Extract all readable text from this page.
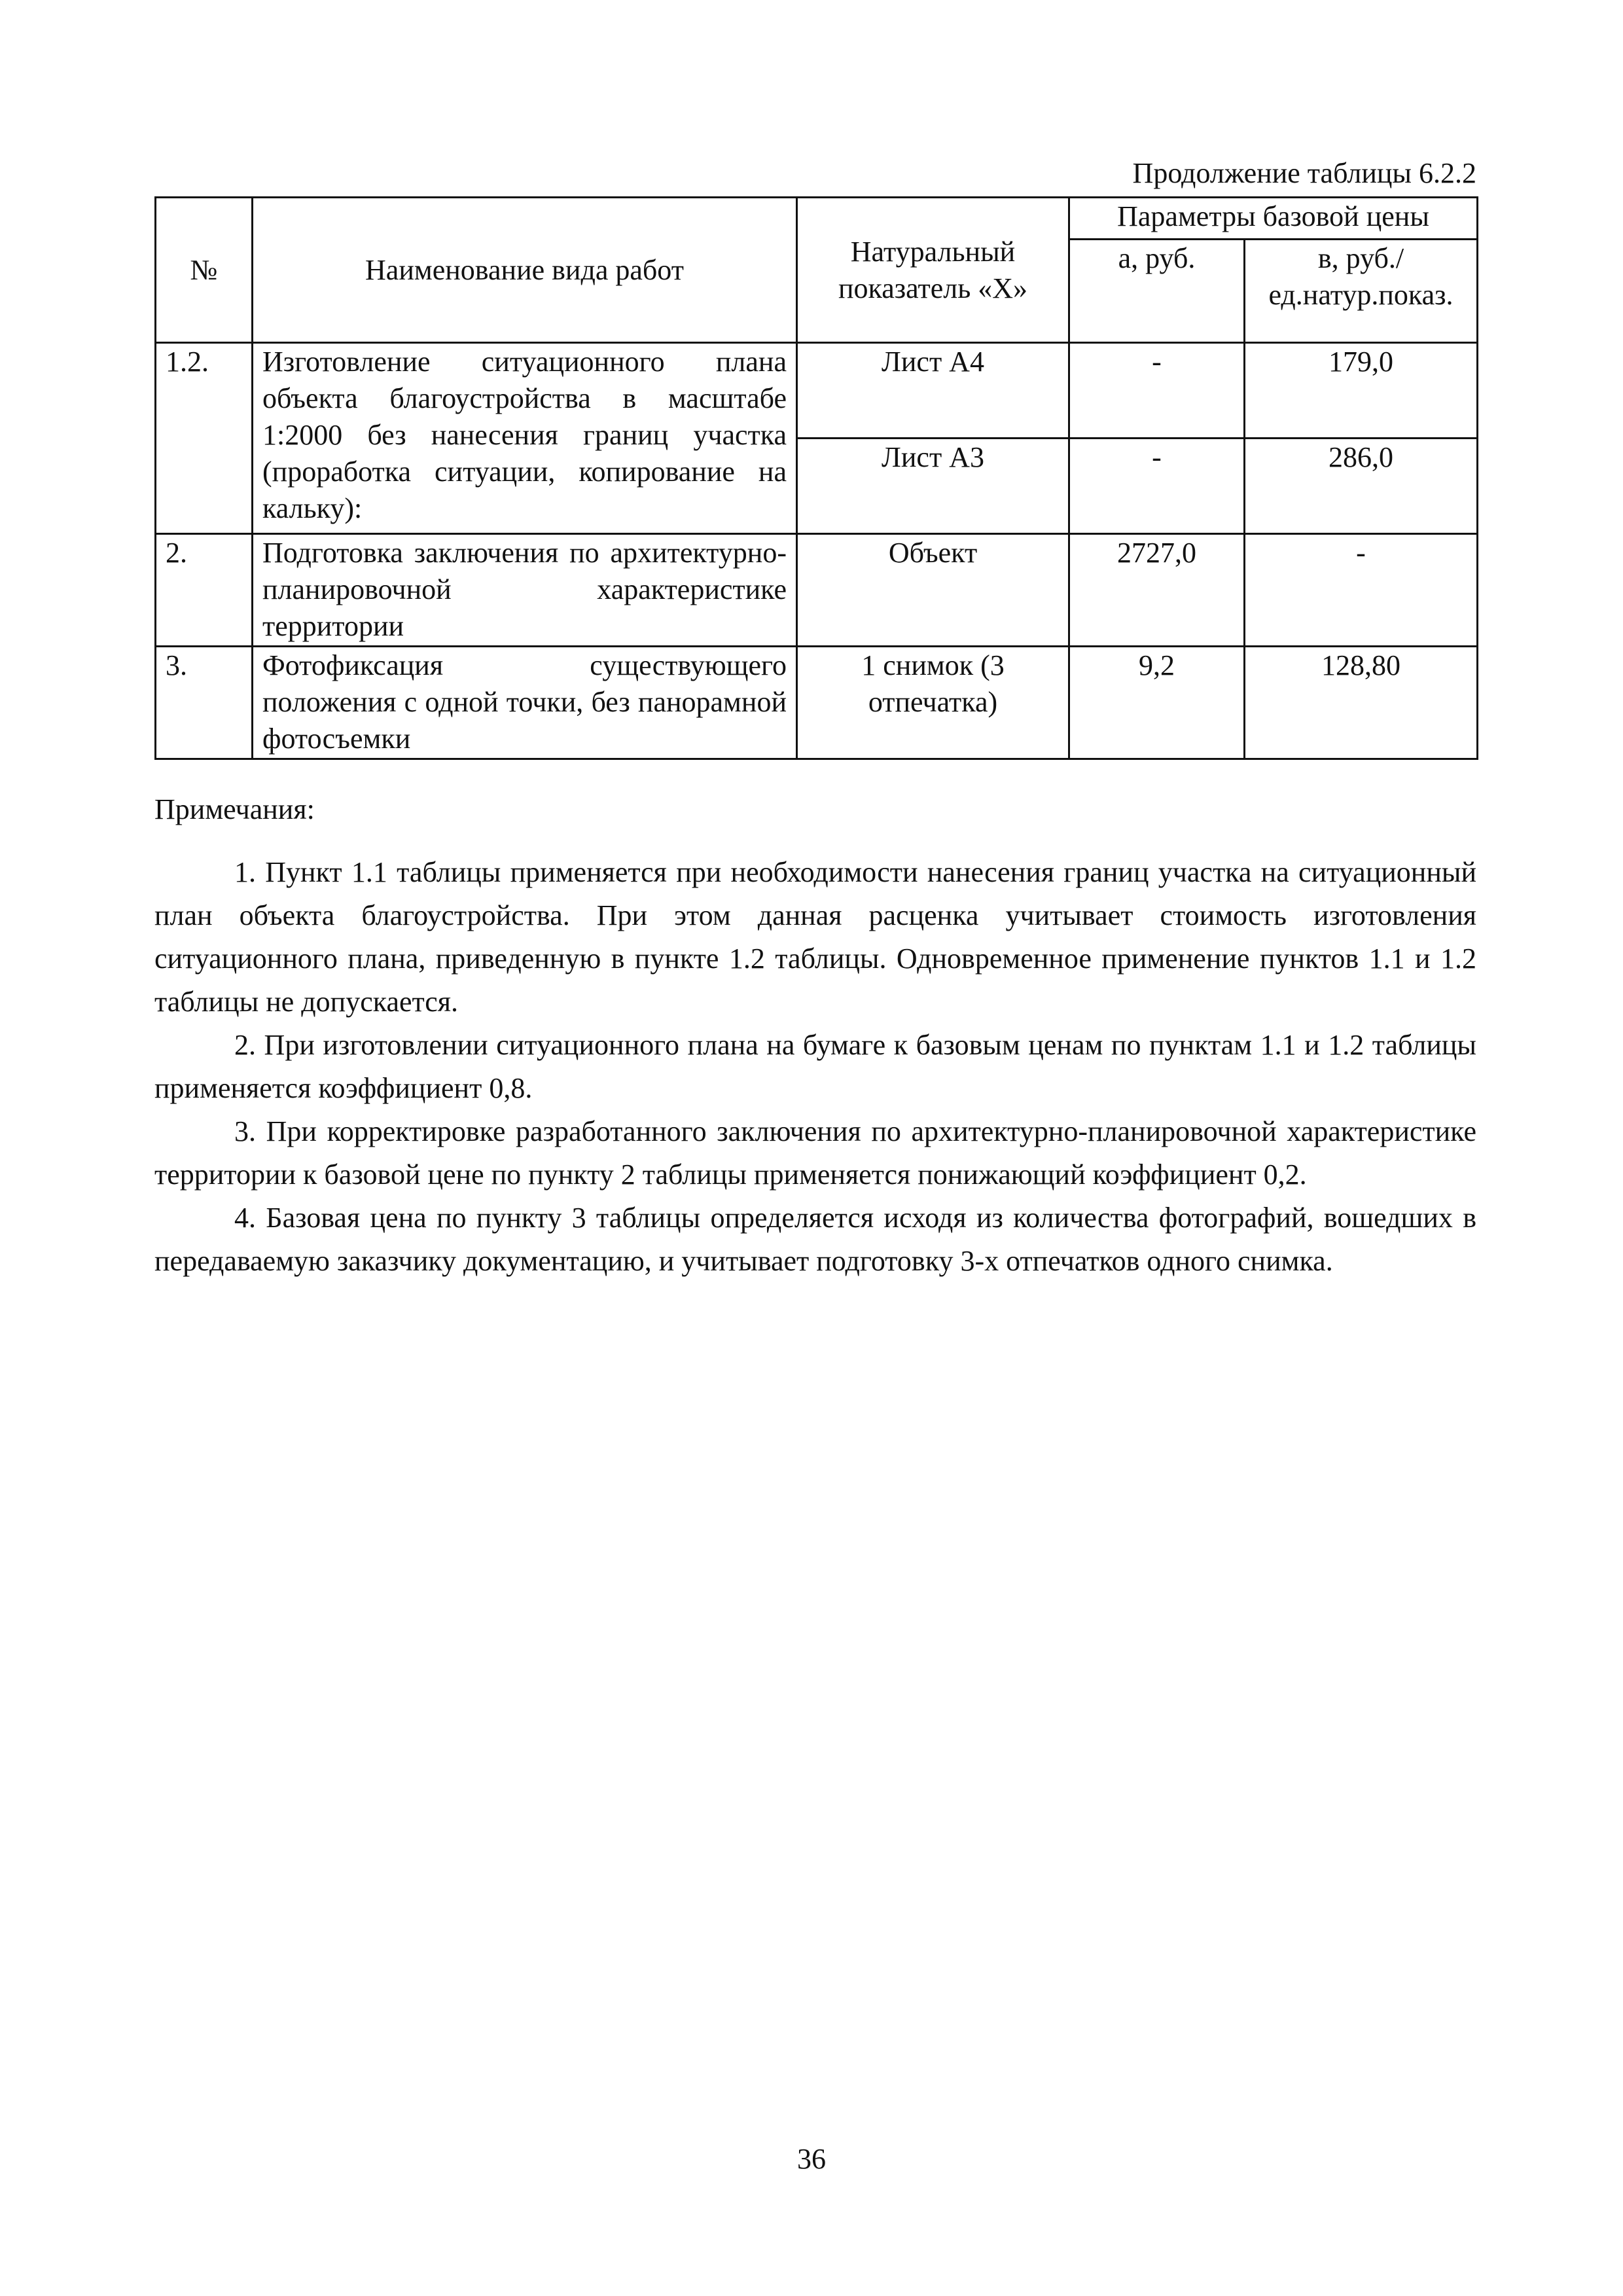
Продолжение таблицы 6.2.2
№	Наименование вида работ	Натуральный показатель «X»	Параметры базовой цены	
			а, руб.	в, руб./ ед.натур.показ.
1.2.	Изготовление ситуационного плана объекта благоустройства в масштабе 1:2000 без нанесения границ участка (проработка ситуации, копирование на кальку):	Лист А4	-	179,0
		Лист А3	-	286,0
2.	Подготовка заключения по архитектурно-планировочной характеристике территории	Объект	2727,0	-
3.	Фотофиксация существующего положения с одной точки, без панорамной фотосъемки	1 снимок (3 отпечатка)	9,2	128,80
Примечания:

1. Пункт 1.1 таблицы применяется при необходимости нанесения границ участка на ситуационный план объекта благоустройства. При этом данная расценка учитывает стоимость изготовления ситуационного плана, приведенную в пункте 1.2 таблицы. Одновременное применение пунктов 1.1 и 1.2 таблицы не допускается.

2. При изготовлении ситуационного плана на бумаге к базовым ценам по пунктам 1.1 и 1.2 таблицы применяется коэффициент 0,8.

3. При корректировке разработанного заключения по архитектурно-планировочной характеристике территории к базовой цене по пункту 2 таблицы применяется понижающий коэффициент 0,2.

4. Базовая цена по пункту 3 таблицы определяется исходя из количества фотографий, вошедших в передаваемую заказчику документацию, и учитывает подготовку 3-х отпечатков одного снимка.

36
